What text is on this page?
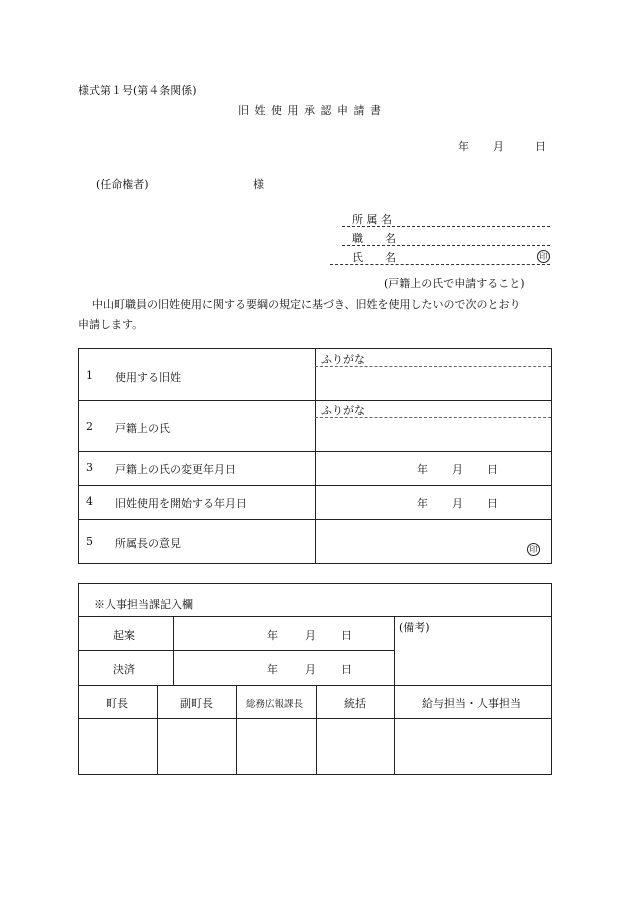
様式第１号(第４条関係)
旧 姓 使 用 承 認 申 請 書
年	月	日
(任命権者)	様
所 属 名
職　　名
氏　　名	印
(戸籍上の氏で申請すること)
中山町職員の旧姓使用に関する要綱の規定に基づき、旧姓を使用したいので次のとおり
申請します。
1 使用する旧姓
ふりがな
2 戸籍上の氏
ふりがな
3 戸籍上の氏の変更年月日	年	月	日
4 旧姓使用を開始する年月日	年	月	日
5 所属長の意見	印
※人事担当課記入欄
起案	年	月	日
決済	年	月	日
(備考)
町長	副町長	総務広報課長	統括	給与担当・人事担当
